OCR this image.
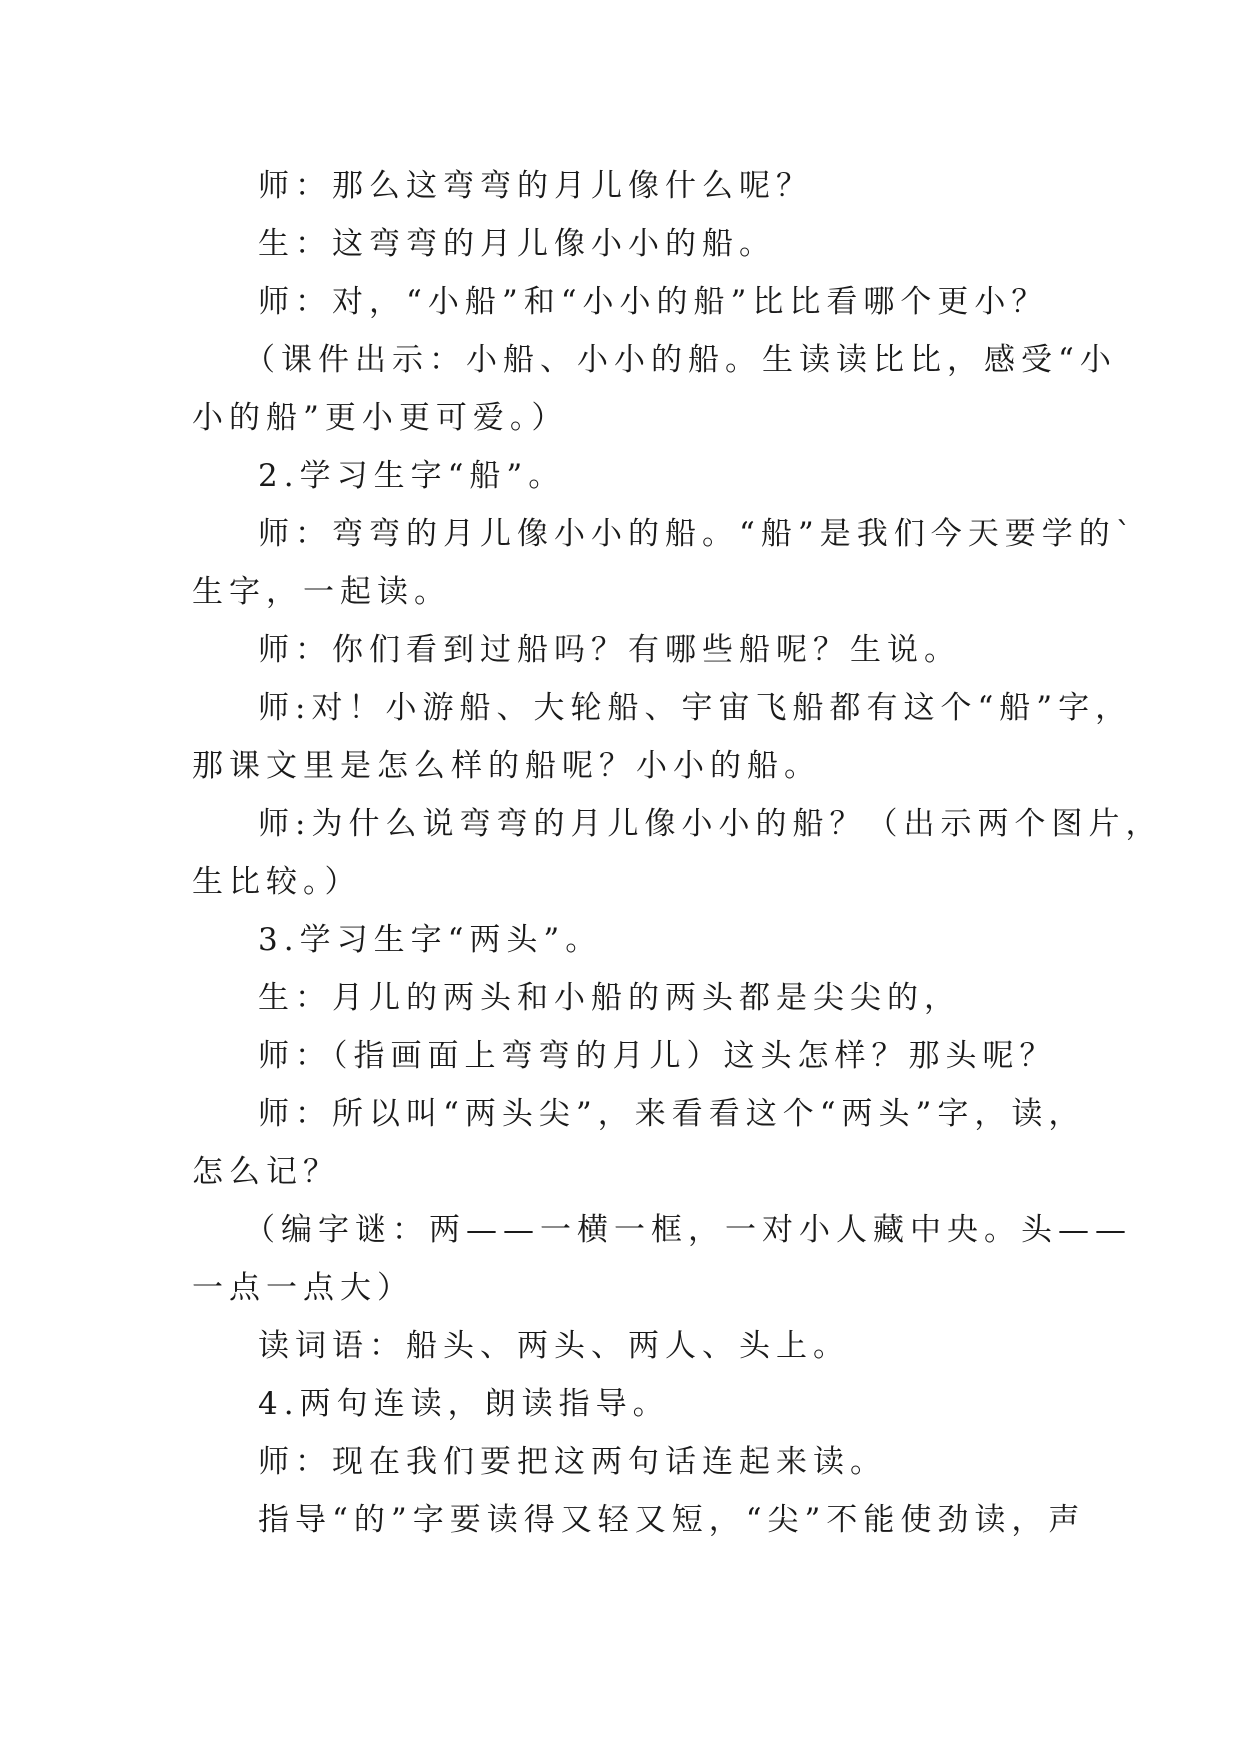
师：那么这弯弯的月儿像什么呢？
生：这弯弯的月儿像小小的船。
师：对，“小船”和“小小的船”比比看哪个更小？
（课件出示：小船、小小的船。生读读比比，感受“小
小的船”更小更可爱。）
2.学习生字“船”。
师：弯弯的月儿像小小的船。“船”是我们今天要学的`
生字，一起读。
师：你们看到过船吗？有哪些船呢？生说。
师:对！小游船、大轮船、宇宙飞船都有这个“船”字，
那课文里是怎么样的船呢？小小的船。
师:为什么说弯弯的月儿像小小的船？（出示两个图片，
生比较。）
3.学习生字“两头”。
生：月儿的两头和小船的两头都是尖尖的，
师：（指画面上弯弯的月儿）这头怎样？那头呢？
师：所以叫“两头尖”，来看看这个“两头”字，读，
怎么记？
（编字谜：两——一横一框，一对小人藏中央。头——
一点一点大）
读词语：船头、两头、两人、头上。
4.两句连读，朗读指导。
师：现在我们要把这两句话连起来读。
指导“的”字要读得又轻又短，“尖”不能使劲读，声
